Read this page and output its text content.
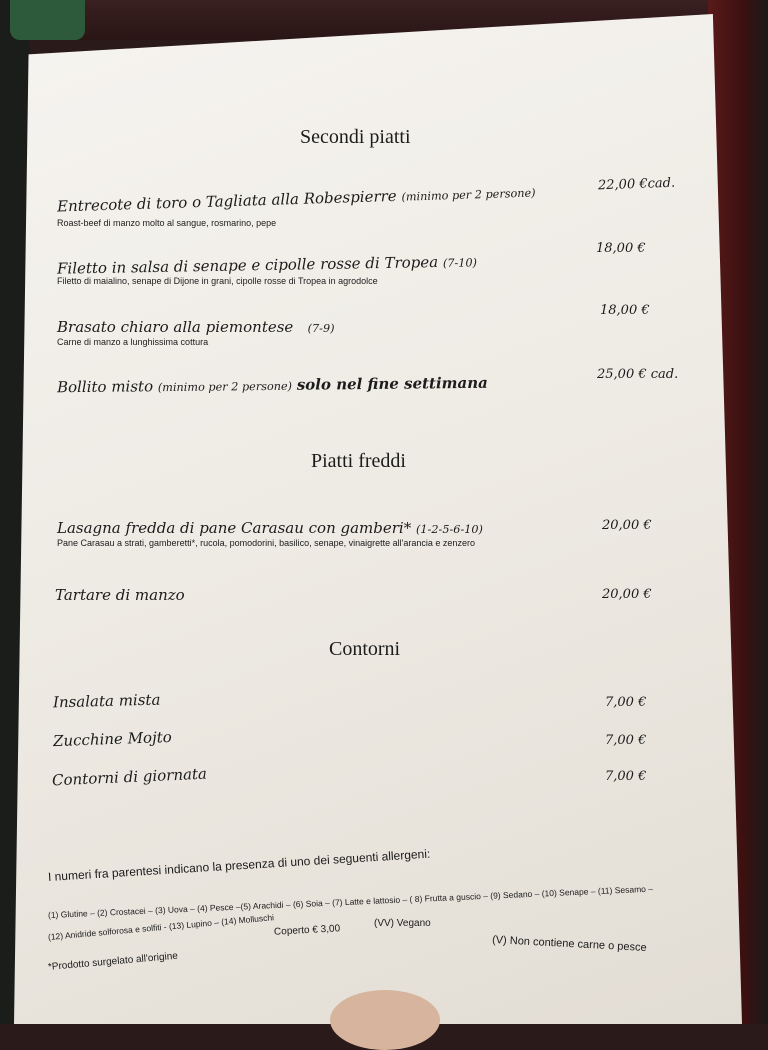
Secondi piatti
Entrecote di toro o Tagliata alla Robespierre (minimo per 2 persone)
Roast-beef di manzo molto al sangue, rosmarino, pepe
22,00 €cad.
Filetto in salsa di senape e cipolle rosse di Tropea (7-10)
Filetto di maialino, senape di Dijone in grani, cipolle rosse di Tropea in agrodolce
18,00 €
Brasato chiaro alla piemontese (7-9)
Carne di manzo a lunghissima cottura
18,00 €
Bollito misto (minimo per 2 persone) solo nel fine settimana	25,00 € cad.
Piatti freddi
Lasagna fredda di pane Carasau con gamberi* (1-2-5-6-10)
Pane Carasau a strati, gamberetti*, rucola, pomodorini, basilico, senape, vinaigrette all'arancia e zenzero
20,00 €
Tartare di manzo	20,00 €
Contorni
Insalata mista	7,00 €
Zucchine Mojto	7,00 €
Contorni di giornata	7,00 €
I numeri fra parentesi indicano la presenza di uno dei seguenti allergeni:
(1) Glutine – (2) Crostacei – (3) Uova – (4) Pesce –(5) Arachidi – (6) Soia – (7) Latte e lattosio – ( 8) Frutta a guscio – (9) Sedano – (10) Senape – (11) Sesamo –
(12) Anidride solforosa e solfiti - (13) Lupino – (14) Molluschi Coperto € 3,00	(VV) Vegano
(V) Non contiene carne o pesce
*Prodotto surgelato all'origine
